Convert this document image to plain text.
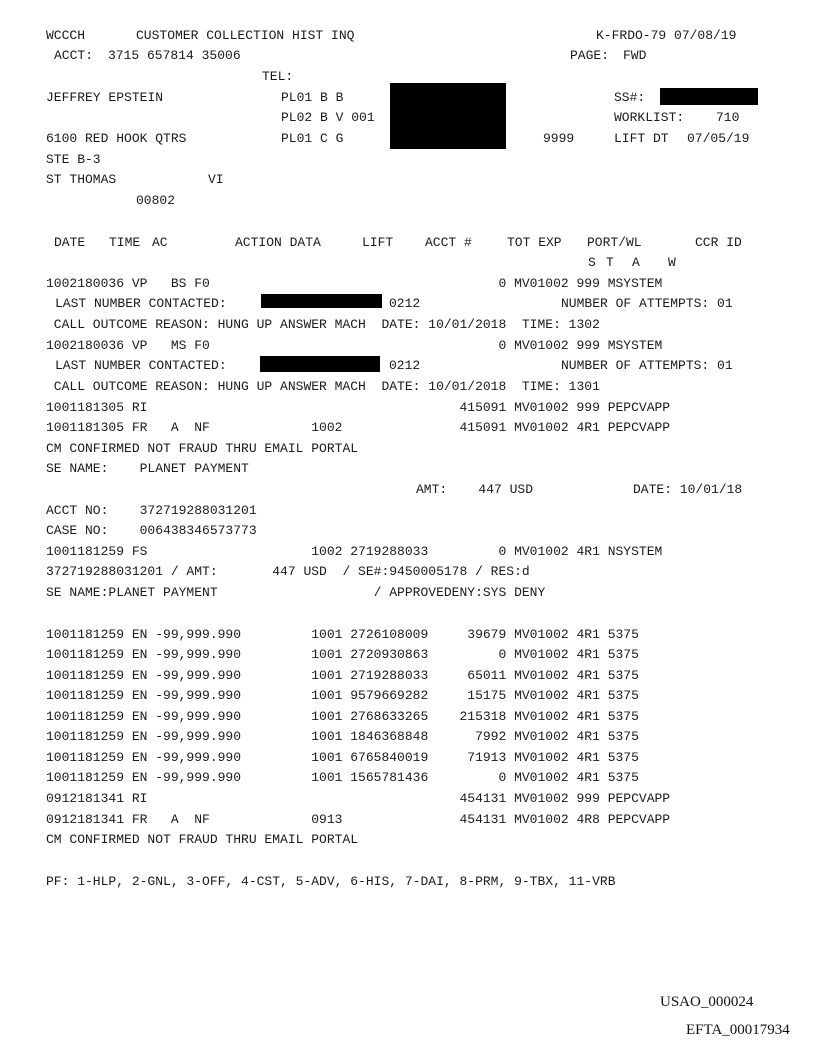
WCCCH	CUSTOMER COLLECTION HIST INQ	K-FRDO-79 07/08/19
ACCT: 3715 657814 35006	PAGE: FWD
TEL:
JEFFREY EPSTEIN	PL01 B B
PL02 B V 001
PL01 C G
SS#:
WORKLIST: 710
6100 RED HOOK QTRS	9999	LIFT DT 07/05/19
STE B-3
ST THOMAS	VI
00802
DATE TIME AC	ACTION DATA	LIFT ACCT #	TOT EXP PORT/WL	CCR ID
S T A W
1002180036 VP   BS F0                                     0 MV01002 999 MSYSTEM
LAST NUMBER CONTACTED:	0212	NUMBER OF ATTEMPTS: 01
CALL OUTCOME REASON: HUNG UP ANSWER MACH  DATE: 10/01/2018  TIME: 1302
1002180036 VP   MS F0                                     0 MV01002 999 MSYSTEM
LAST NUMBER CONTACTED:	0212	NUMBER OF ATTEMPTS: 01
CALL OUTCOME REASON: HUNG UP ANSWER MACH  DATE: 10/01/2018  TIME: 1301
1001181305 RI                                        415091 MV01002 999 PEPCVAPP
1001181305 FR   A  NF             1002               415091 MV01002 4R1 PEPCVAPP
CM CONFIRMED NOT FRAUD THRU EMAIL PORTAL
SE NAME:    PLANET PAYMENT
AMT:    447 USD	DATE: 10/01/18
ACCT NO:    372719288031201
CASE NO:    006438346573773
1001181259 FS                     1002 2719288033         0 MV01002 4R1 NSYSTEM
372719288031201 / AMT:       447 USD  / SE#:9450005178 / RES:d
SE NAME:PLANET PAYMENT                    / APPROVEDENY:SYS DENY
1001181259 EN -99,999.990         1001 2726108009     39679 MV01002 4R1 5375
1001181259 EN -99,999.990         1001 2720930863         0 MV01002 4R1 5375
1001181259 EN -99,999.990         1001 2719288033     65011 MV01002 4R1 5375
1001181259 EN -99,999.990         1001 9579669282     15175 MV01002 4R1 5375
1001181259 EN -99,999.990         1001 2768633265    215318 MV01002 4R1 5375
1001181259 EN -99,999.990         1001 1846368848      7992 MV01002 4R1 5375
1001181259 EN -99,999.990         1001 6765840019     71913 MV01002 4R1 5375
1001181259 EN -99,999.990         1001 1565781436         0 MV01002 4R1 5375
0912181341 RI                                        454131 MV01002 999 PEPCVAPP
0912181341 FR   A  NF             0913               454131 MV01002 4R8 PEPCVAPP
CM CONFIRMED NOT FRAUD THRU EMAIL PORTAL
PF: 1-HLP, 2-GNL, 3-OFF, 4-CST, 5-ADV, 6-HIS, 7-DAI, 8-PRM, 9-TBX, 11-VRB
USAO_000024
EFTA_00017934
